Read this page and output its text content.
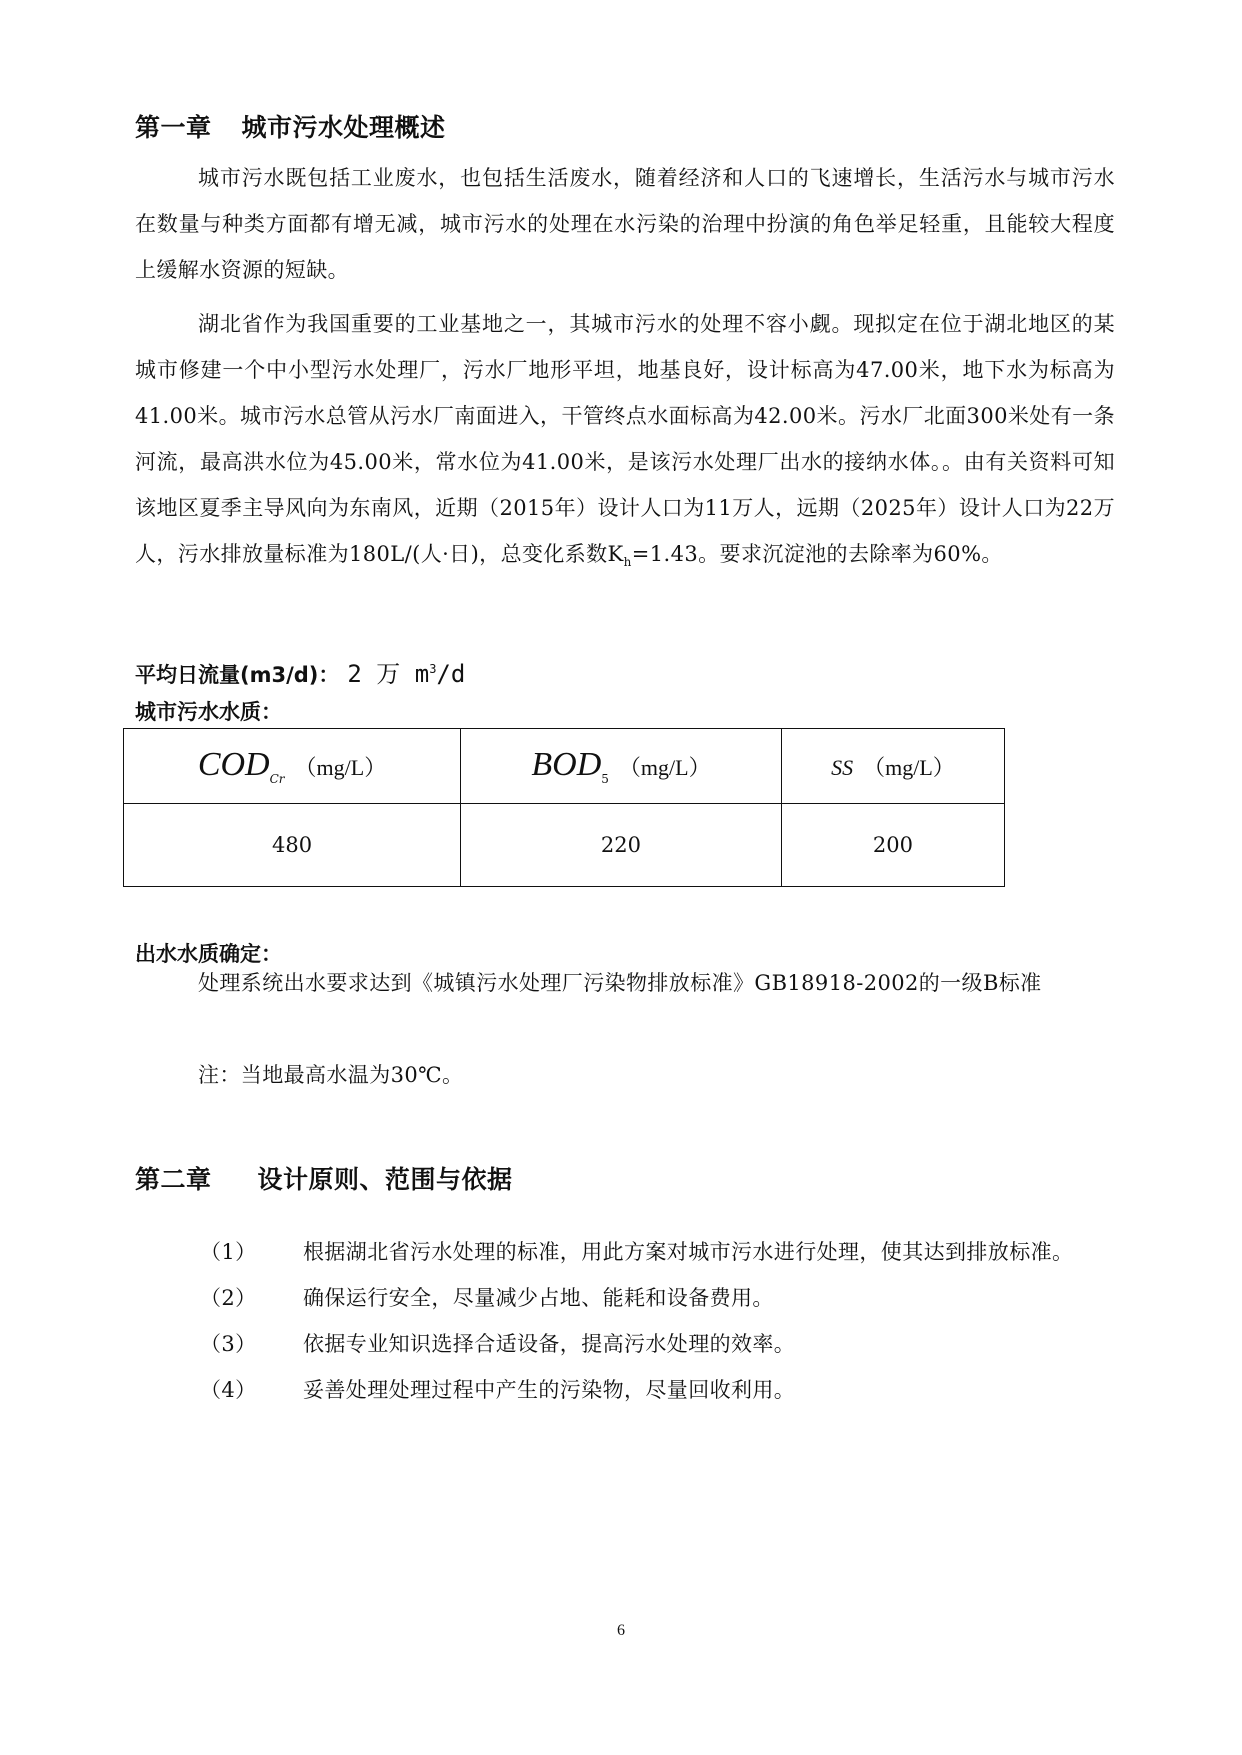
第一章 城市污水处理概述
城市污水既包括工业废水，也包括生活废水，随着经济和人口的飞速增长，生活污水与城市污水在数量与种类方面都有增无减，城市污水的处理在水污染的治理中扮演的角色举足轻重，且能较大程度上缓解水资源的短缺。
湖北省作为我国重要的工业基地之一，其城市污水的处理不容小觑。现拟定在位于湖北地区的某城市修建一个中小型污水处理厂，污水厂地形平坦，地基良好，设计标高为47.00米，地下水为标高为41.00米。城市污水总管从污水厂南面进入，干管终点水面标高为42.00米。污水厂北面300米处有一条河流，最高洪水位为45.00米，常水位为41.00米，是该污水处理厂出水的接纳水体。。由有关资料可知该地区夏季主导风向为东南风，近期（2015年）设计人口为11万人，远期（2025年）设计人口为22万人，污水排放量标准为180L/(人·日)，总变化系数$K_h=1.43$。要求沉淀池的去除率为60%。
平均日流量(m3/d)： 2 万 $m^3/d$
城市污水水质：
$COD_{Cr}$ （mg/L）	$BOD_5$ （mg/L）	SS （mg/L）
480	220	200
出水水质确定：
处理系统出水要求达到《城镇污水处理厂污染物排放标准》GB18918-2002的一级B标准
注：当地最高水温为30℃。
第二章 设计原则、范围与依据
（1） 根据湖北省污水处理的标准，用此方案对城市污水进行处理，使其达到排放标准。
（2） 确保运行安全，尽量减少占地、能耗和设备费用。
（3） 依据专业知识选择合适设备，提高污水处理的效率。
（4） 妥善处理处理过程中产生的污染物，尽量回收利用。
6
